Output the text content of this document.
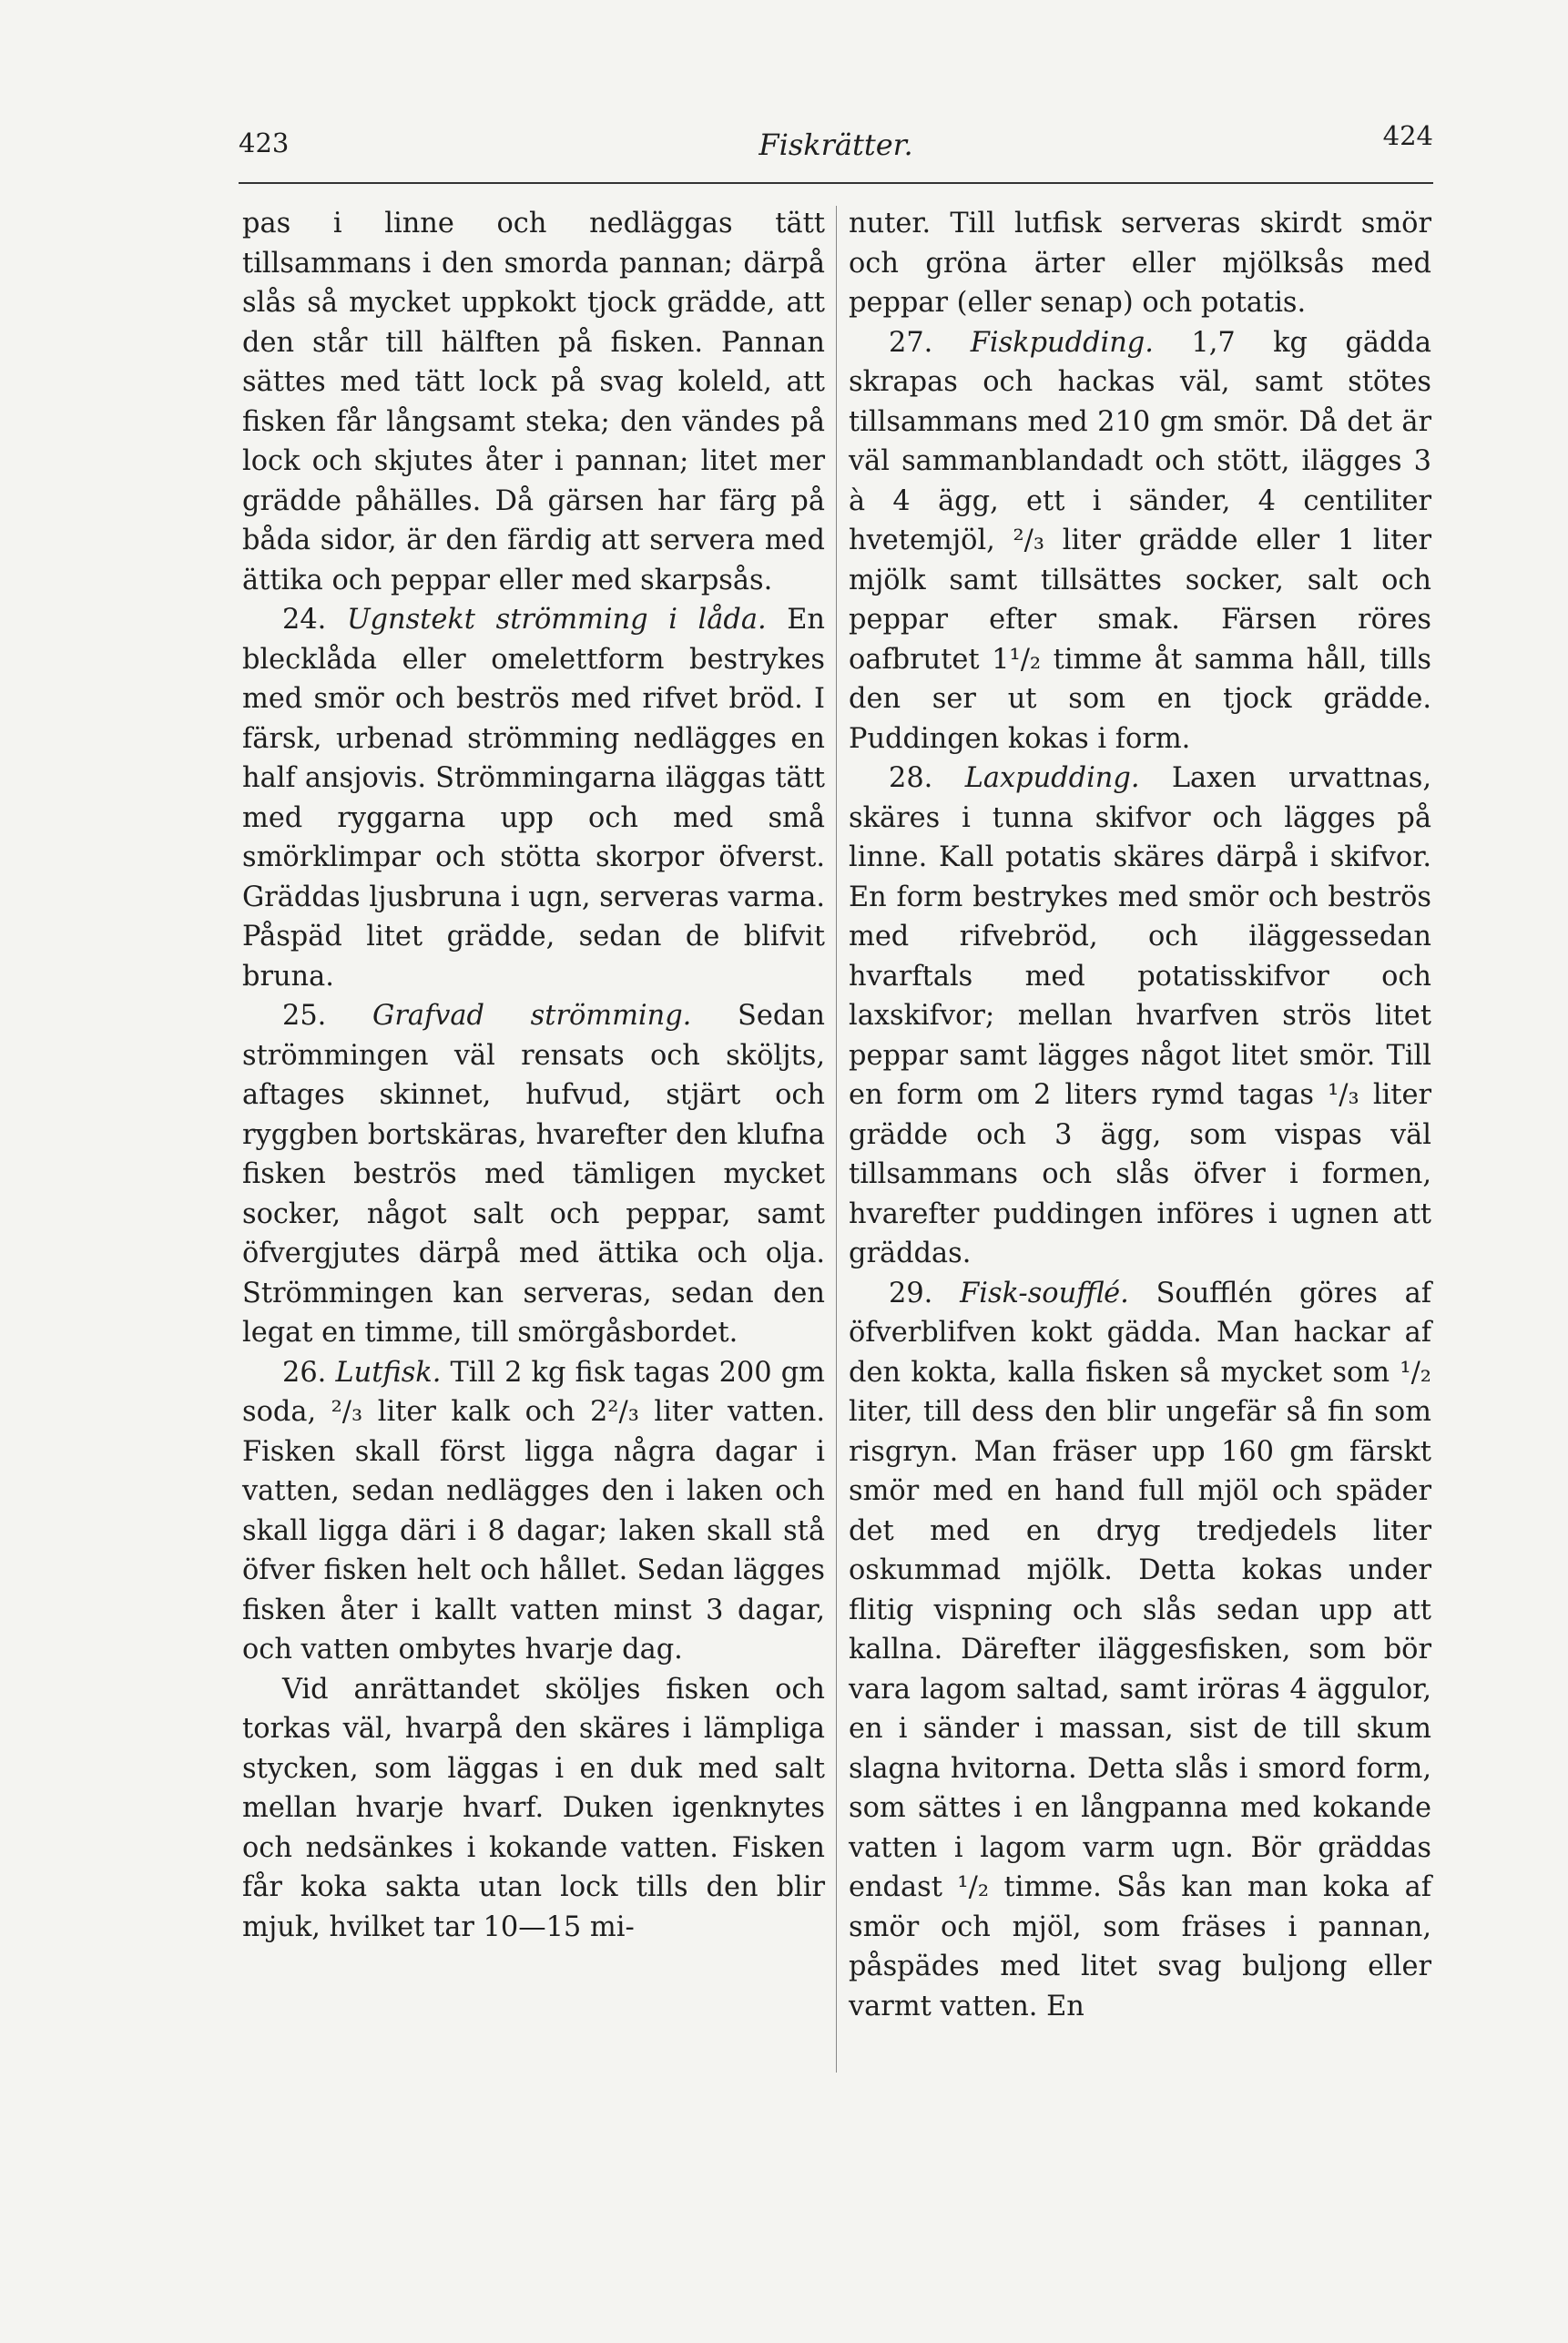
423	Fiskrätter.	424

pas i linne och nedläggas tätt tillsammans i den smorda pannan; därpå slås så mycket uppkokt tjock grädde, att den står till hälften på fisken. Pannan sättes med tätt lock på svag koleld, att fisken får långsamt steka; den vändes på lock och skjutes åter i pannan; litet mer grädde påhälles. Då gärsen har färg på båda sidor, är den färdig att servera med ättika och peppar eller med skarpsås.

24. Ugnstekt strömming i låda. En blecklåda eller omelettform bestrykes med smör och beströs med rifvet bröd. I färsk, urbenad strömming nedlägges en half ansjovis. Strömmingarna iläggas tätt med ryggarna upp och med små smörklimpar och stötta skorpor öfverst. Gräddas ljusbruna i ugn, serveras varma. Påspäd litet grädde, sedan de blifvit bruna.

25. Grafvad strömming. Sedan strömmingen väl rensats och sköljts, aftages skinnet, hufvud, stjärt och ryggben bortskäras, hvarefter den klufna fisken beströs med tämligen mycket socker, något salt och peppar, samt öfvergjutes därpå med ättika och olja. Strömmingen kan serveras, sedan den legat en timme, till smörgåsbordet.

26. Lutfisk. Till 2 kg fisk tagas 200 gm soda, ²/₃ liter kalk och 2²/₃ liter vatten. Fisken skall först ligga några dagar i vatten, sedan nedlägges den i laken och skall ligga däri i 8 dagar; laken skall stå öfver fisken helt och hållet. Sedan lägges fisken åter i kallt vatten minst 3 dagar, och vatten ombytes hvarje dag.

Vid anrättandet sköljes fisken och torkas väl, hvarpå den skäres i lämpliga stycken, som läggas i en duk med salt mellan hvarje hvarf. Duken igenknytes och nedsänkes i kokande vatten. Fisken får koka sakta utan lock tills den blir mjuk, hvilket tar 10—15 mi-

nuter. Till lutfisk serveras skirdt smör och gröna ärter eller mjölksås med peppar (eller senap) och potatis.

27. Fiskpudding. 1,7 kg gädda skrapas och hackas väl, samt stötes tillsammans med 210 gm smör. Då det är väl sammanblandadt och stött, ilägges 3 à 4 ägg, ett i sänder, 4 centiliter hvetemjöl, ²/₃ liter grädde eller 1 liter mjölk samt tillsättes socker, salt och peppar efter smak. Färsen röres oafbrutet 1¹/₂ timme åt samma håll, tills den ser ut som en tjock grädde. Puddingen kokas i form.

28. Laxpudding. Laxen urvattnas, skäres i tunna skifvor och lägges på linne. Kall potatis skäres därpå i skifvor. En form bestrykes med smör och beströs med rifvebröd, och iläggessedan hvarftals med potatisskifvor och laxskifvor; mellan hvarfven strös litet peppar samt lägges något litet smör. Till en form om 2 liters rymd tagas ¹/₃ liter grädde och 3 ägg, som vispas väl tillsammans och slås öfver i formen, hvarefter puddingen införes i ugnen att gräddas.

29. Fisk-soufflé. Soufflén göres af öfverblifven kokt gädda. Man hackar af den kokta, kalla fisken så mycket som ¹/₂ liter, till dess den blir ungefär så fin som risgryn. Man fräser upp 160 gm färskt smör med en hand full mjöl och späder det med en dryg tredjedels liter oskummad mjölk. Detta kokas under flitig vispning och slås sedan upp att kallna. Därefter iläggesfisken, som bör vara lagom saltad, samt iröras 4 äggulor, en i sänder i massan, sist de till skum slagna hvitorna. Detta slås i smord form, som sättes i en långpanna med kokande vatten i lagom varm ugn. Bör gräddas endast ¹/₂ timme. Sås kan man koka af smör och mjöl, som fräses i pannan, påspädes med litet svag buljong eller varmt vatten. En
